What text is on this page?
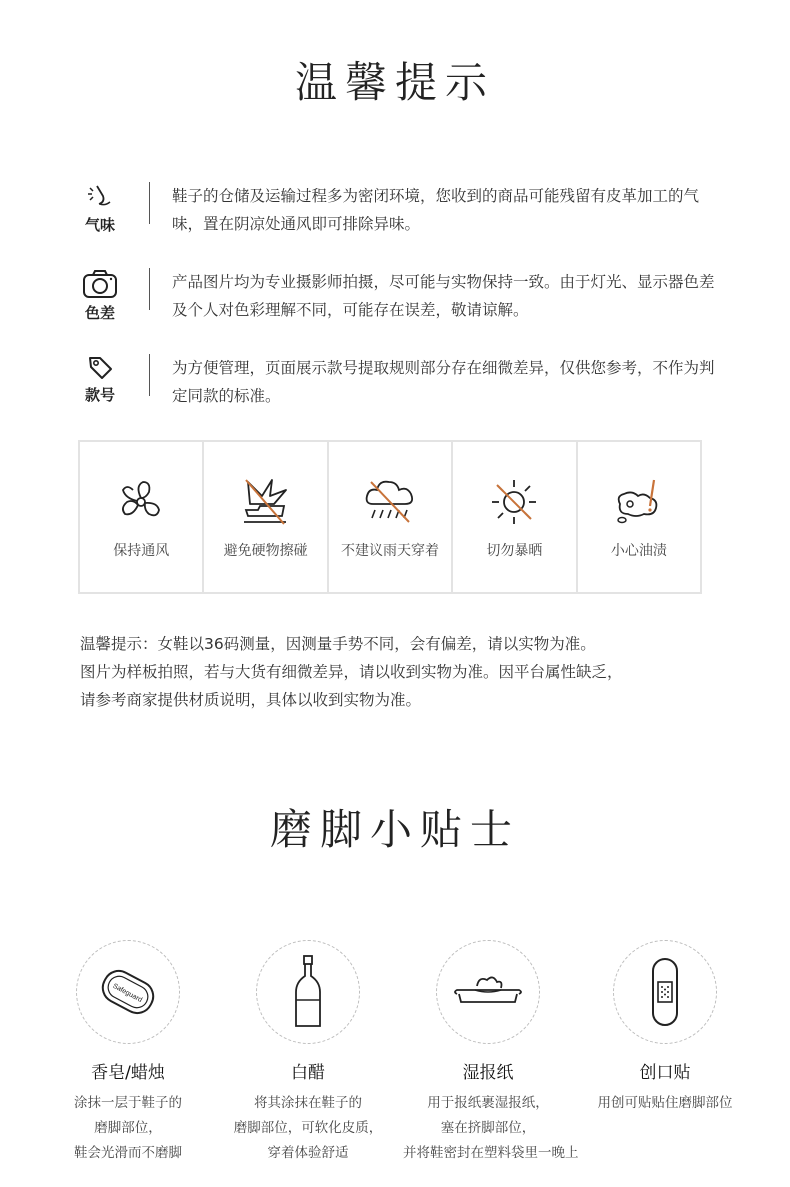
温馨提示
气味
鞋子的仓储及运输过程多为密闭环境，您收到的商品可能残留有皮革加工的气味，置在阴凉处通风即可排除异味。
色差
产品图片均为专业摄影师拍摄，尽可能与实物保持一致。由于灯光、显示器色差及个人对色彩理解不同，可能存在误差，敬请谅解。
款号
为方便管理，页面展示款号提取规则部分存在细微差异，仅供您参考，不作为判定同款的标准。
保持通风	避免硬物擦碰	不建议雨天穿着	切勿暴晒	小心油渍
温馨提示：女鞋以36码测量，因测量手势不同，会有偏差，请以实物为准。
图片为样板拍照，若与大货有细微差异，请以收到实物为准。因平台属性缺乏，
请参考商家提供材质说明，具体以收到实物为准。
磨脚小贴士
Safeguard
香皂/蜡烛
涂抹一层于鞋子的
磨脚部位，
鞋会光滑而不磨脚
白醋
将其涂抹在鞋子的
磨脚部位，可软化皮质，
穿着体验舒适
湿报纸
用于报纸裹湿报纸，
塞在挤脚部位，
并将鞋密封在塑料袋里一晚上
创口贴
用创可贴贴住磨脚部位
